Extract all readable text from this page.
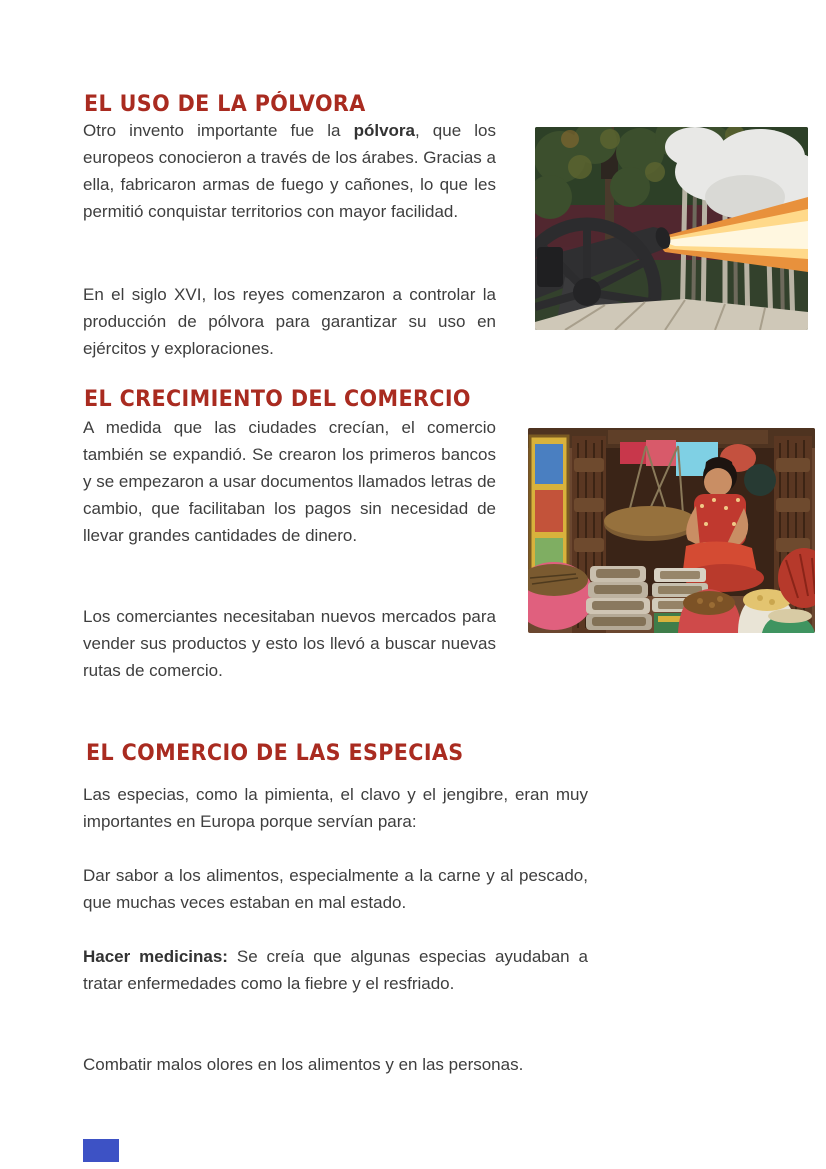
EL USO DE LA PÓLVORA

Otro invento importante fue la pólvora, que los europeos conocieron a través de los árabes. Gracias a ella, fabricaron armas de fuego y cañones, lo que les permitió conquistar territorios con mayor facilidad.

En el siglo XVI, los reyes comenzaron a controlar la producción de pólvora para garantizar su uso en ejércitos y exploraciones.

EL CRECIMIENTO DEL COMERCIO

A medida que las ciudades crecían, el comercio también se expandió. Se crearon los primeros bancos y se empezaron a usar documentos llamados letras de cambio, que facilitaban los pagos sin necesidad de llevar grandes cantidades de dinero.

Los comerciantes necesitaban nuevos mercados para vender sus productos y esto los llevó a buscar nuevas rutas de comercio.

EL COMERCIO DE LAS ESPECIAS

Las especias, como la pimienta, el clavo y el jengibre, eran muy importantes en Europa porque servían para:

Dar sabor a los alimentos, especialmente a la carne y al pescado, que muchas veces estaban en mal estado.

Hacer medicinas: Se creía que algunas especias ayudaban a tratar enfermedades como la fiebre y el resfriado.

Combatir malos olores en los alimentos y en las personas.
